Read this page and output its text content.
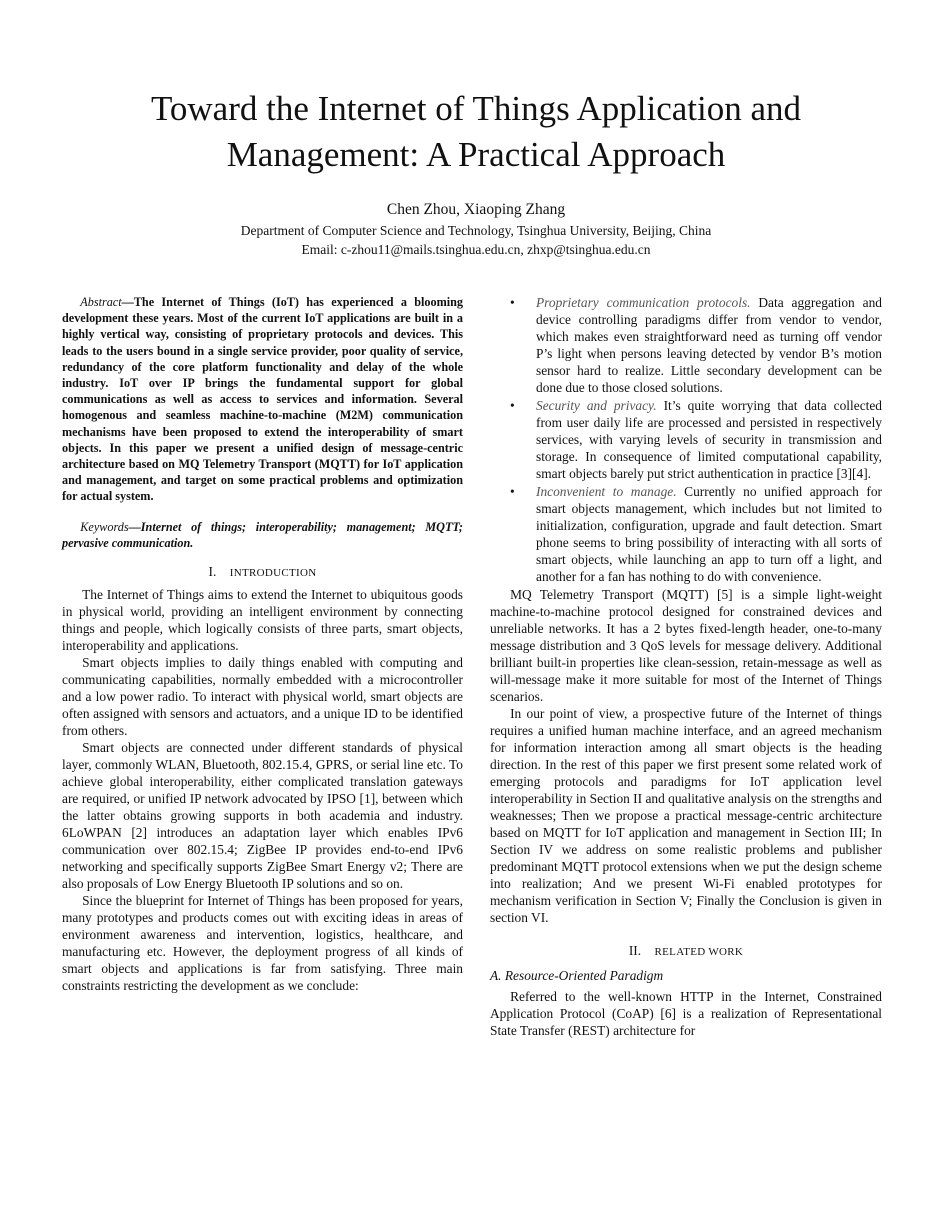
Toward the Internet of Things Application and
Management: A Practical Approach
Chen Zhou, Xiaoping Zhang
Department of Computer Science and Technology, Tsinghua University, Beijing, China
Email: c-zhou11@mails.tsinghua.edu.cn, zhxp@tsinghua.edu.cn

Abstract—The Internet of Things (IoT) has experienced a blooming development these years. Most of the current IoT applications are built in a highly vertical way, consisting of proprietary protocols and devices. This leads to the users bound in a single service provider, poor quality of service, redundancy of the core platform functionality and delay of the whole industry. IoT over IP brings the fundamental support for global communications as well as access to services and information. Several homogenous and seamless machine-to-machine (M2M) communication mechanisms have been proposed to extend the interoperability of smart objects. In this paper we present a unified design of message-centric architecture based on MQ Telemetry Transport (MQTT) for IoT application and management, and target on some practical problems and optimization for actual system.

Keywords—Internet of things; interoperability; management; MQTT; pervasive communication.

I. INTRODUCTION

The Internet of Things aims to extend the Internet to ubiquitous goods in physical world, providing an intelligent environment by connecting things and people, which logically consists of three parts, smart objects, interoperability and applications.

Smart objects implies to daily things enabled with computing and communicating capabilities, normally embedded with a microcontroller and a low power radio. To interact with physical world, smart objects are often assigned with sensors and actuators, and a unique ID to be identified from others.

Smart objects are connected under different standards of physical layer, commonly WLAN, Bluetooth, 802.15.4, GPRS, or serial line etc. To achieve global interoperability, either complicated translation gateways are required, or unified IP network advocated by IPSO [1], between which the latter obtains growing supports in both academia and industry. 6LoWPAN [2] introduces an adaptation layer which enables IPv6 communication over 802.15.4; ZigBee IP provides end-to-end IPv6 networking and specifically supports ZigBee Smart Energy v2; There are also proposals of Low Energy Bluetooth IP solutions and so on.

Since the blueprint for Internet of Things has been proposed for years, many prototypes and products comes out with exciting ideas in areas of environment awareness and intervention, logistics, healthcare, and manufacturing etc. However, the deployment progress of all kinds of smart objects and applications is far from satisfying. Three main constraints restricting the development as we conclude:

• Proprietary communication protocols. Data aggregation and device controlling paradigms differ from vendor to vendor, which makes even straightforward need as turning off vendor P’s light when persons leaving detected by vendor B’s motion sensor hard to realize. Little secondary development can be done due to those closed solutions.
• Security and privacy. It’s quite worrying that data collected from user daily life are processed and persisted in respectively services, with varying levels of security in transmission and storage. In consequence of limited computational capability, smart objects barely put strict authentication in practice [3][4].
• Inconvenient to manage. Currently no unified approach for smart objects management, which includes but not limited to initialization, configuration, upgrade and fault detection. Smart phone seems to bring possibility of interacting with all sorts of smart objects, while launching an app to turn off a light, and another for a fan has nothing to do with convenience.

MQ Telemetry Transport (MQTT) [5] is a simple light-weight machine-to-machine protocol designed for constrained devices and unreliable networks. It has a 2 bytes fixed-length header, one-to-many message distribution and 3 QoS levels for message delivery. Additional brilliant built-in properties like clean-session, retain-message as well as will-message make it more suitable for most of the Internet of Things scenarios.

In our point of view, a prospective future of the Internet of things requires a unified human machine interface, and an agreed mechanism for information interaction among all smart objects is the heading direction. In the rest of this paper we first present some related work of emerging protocols and paradigms for IoT application level interoperability in Section II and qualitative analysis on the strengths and weaknesses; Then we propose a practical message-centric architecture based on MQTT for IoT application and management in Section III; In Section IV we address on some realistic problems and publisher predominant MQTT protocol extensions when we put the design scheme into realization; And we present Wi-Fi enabled prototypes for mechanism verification in Section V; Finally the Conclusion is given in section VI.

II. RELATED WORK
A. Resource-Oriented Paradigm

Referred to the well-known HTTP in the Internet, Constrained Application Protocol (CoAP) [6] is a realization of Representational State Transfer (REST) architecture for
